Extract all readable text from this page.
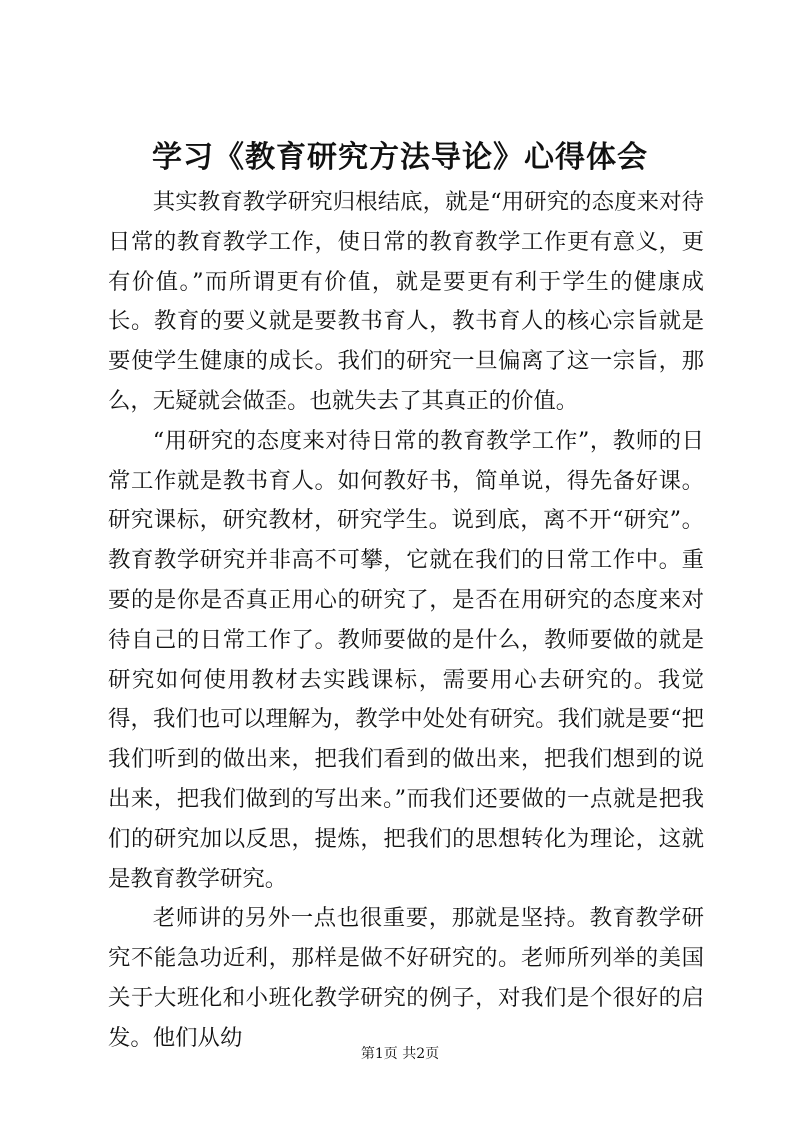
学习《教育研究方法导论》心得体会

其实教育教学研究归根结底，就是“用研究的态度来对待日常的教育教学工作，使日常的教育教学工作更有意义，更有价值。”而所谓更有价值，就是要更有利于学生的健康成长。教育的要义就是要教书育人，教书育人的核心宗旨就是要使学生健康的成长。我们的研究一旦偏离了这一宗旨，那么，无疑就会做歪。也就失去了其真正的价值。

“用研究的态度来对待日常的教育教学工作”，教师的日常工作就是教书育人。如何教好书，简单说，得先备好课。研究课标，研究教材，研究学生。说到底，离不开“研究”。教育教学研究并非高不可攀，它就在我们的日常工作中。重要的是你是否真正用心的研究了，是否在用研究的态度来对待自己的日常工作了。教师要做的是什么，教师要做的就是研究如何使用教材去实践课标，需要用心去研究的。我觉得，我们也可以理解为，教学中处处有研究。我们就是要“把我们听到的做出来，把我们看到的做出来，把我们想到的说出来，把我们做到的写出来。”而我们还要做的一点就是把我们的研究加以反思，提炼，把我们的思想转化为理论，这就是教育教学研究。

老师讲的另外一点也很重要，那就是坚持。教育教学研究不能急功近利，那样是做不好研究的。老师所列举的美国关于大班化和小班化教学研究的例子，对我们是个很好的启发。他们从幼

第1页 共2页
